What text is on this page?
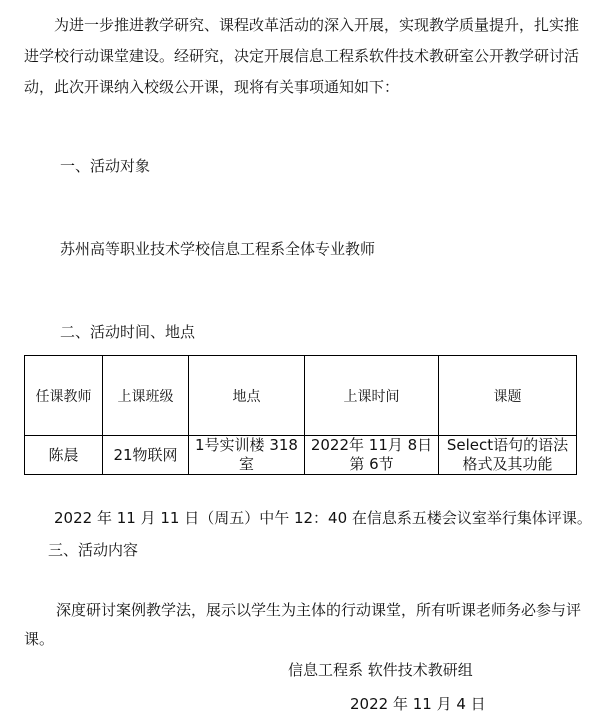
为进一步推进教学研究、课程改革活动的深入开展，实现教学质量提升，扎实推进学校行动课堂建设。经研究，决定开展信息工程系软件技术教研室公开教学研讨活动，此次开课纳入校级公开课，现将有关事项通知如下：

一、活动对象

苏州高等职业技术学校信息工程系全体专业教师

二、活动时间、地点

任课教师	上课班级	地点	上课时间	课题
陈晨	21物联网	1号实训楼 318 室	2022年 11月 8日第 6节	Select语句的语法格式及其功能

2022 年 11 月 11 日（周五）中午 12：40 在信息系五楼会议室举行集体评课。

三、活动内容

深度研讨案例教学法，展示以学生为主体的行动课堂，所有听课老师务必参与评课。

信息工程系 软件技术教研组

2022 年 11 月 4 日
